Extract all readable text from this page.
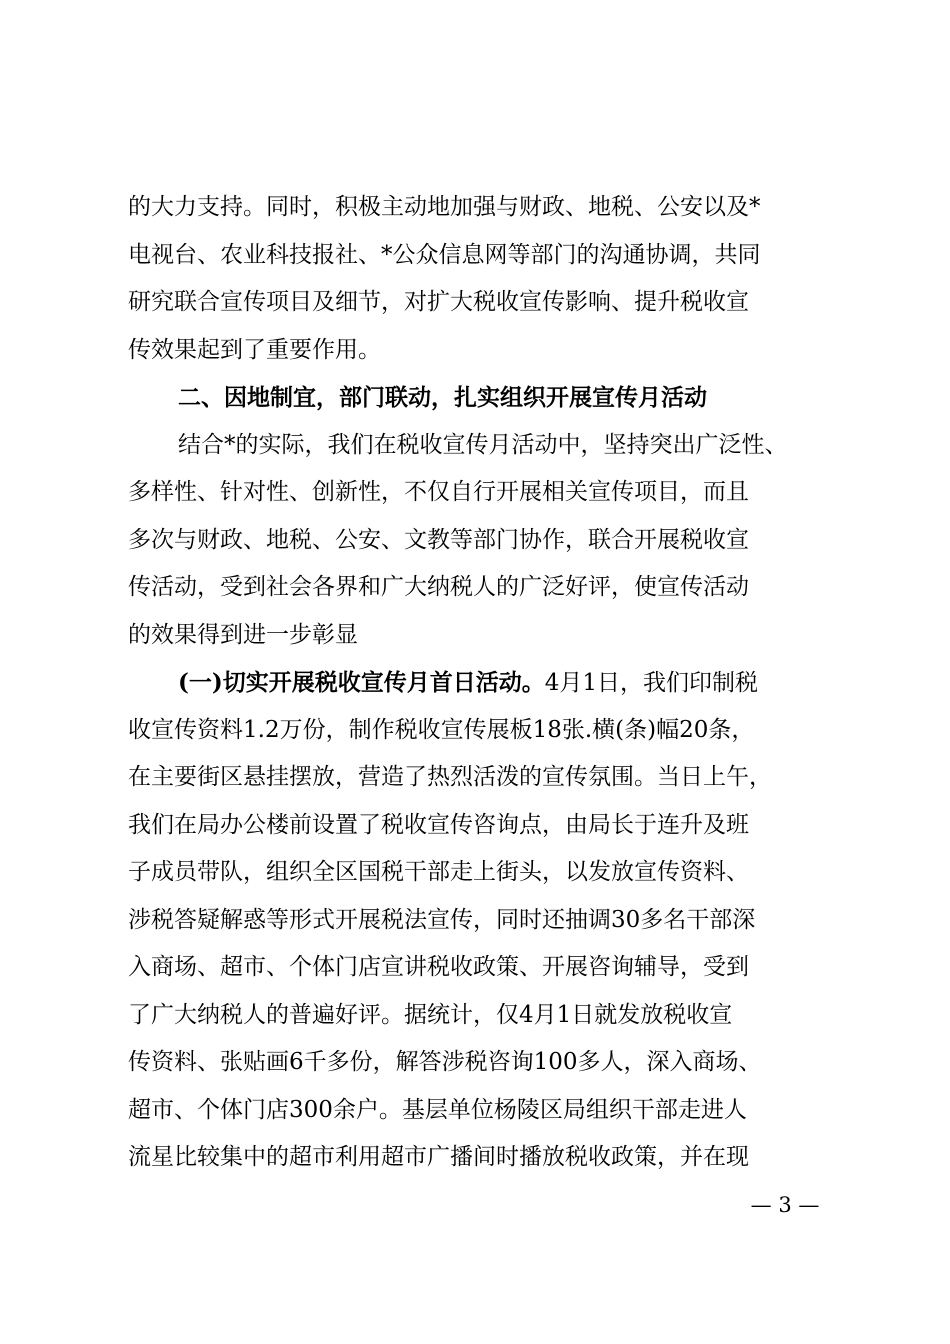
的大力支持。同时，积极主动地加强与财政、地税、公安以及*
电视台、农业科技报社、*公众信息网等部门的沟通协调，共同
研究联合宣传项目及细节，对扩大税收宣传影响、提升税收宣
传效果起到了重要作用。
二、因地制宜，部门联动，扎实组织开展宣传月活动
结合*的实际，我们在税收宣传月活动中，坚持突出广泛性、
多样性、针对性、创新性，不仅自行开展相关宣传项目，而且
多次与财政、地税、公安、文教等部门协作，联合开展税收宣
传活动，受到社会各界和广大纳税人的广泛好评，使宣传活动
的效果得到进一步彰显
(一)切实开展税收宣传月首日活动。4月1日，我们印制税
收宣传资料1.2万份，制作税收宣传展板18张.横(条)幅20条，
在主要街区悬挂摆放，营造了热烈活泼的宣传氛围。当日上午，
我们在局办公楼前设置了税收宣传咨询点，由局长于连升及班
子成员带队，组织全区国税干部走上街头，以发放宣传资料、
涉税答疑解惑等形式开展税法宣传，同时还抽调30多名干部深
入商场、超市、个体门店宣讲税收政策、开展咨询辅导，受到
了广大纳税人的普遍好评。据统计，仅4月1日就发放税收宣
传资料、张贴画6千多份，解答涉税咨询100多人，深入商场、
超市、个体门店300余户。基层单位杨陵区局组织干部走进人
流星比较集中的超市利用超市广播间时播放税收政策，并在现
— 3 —
